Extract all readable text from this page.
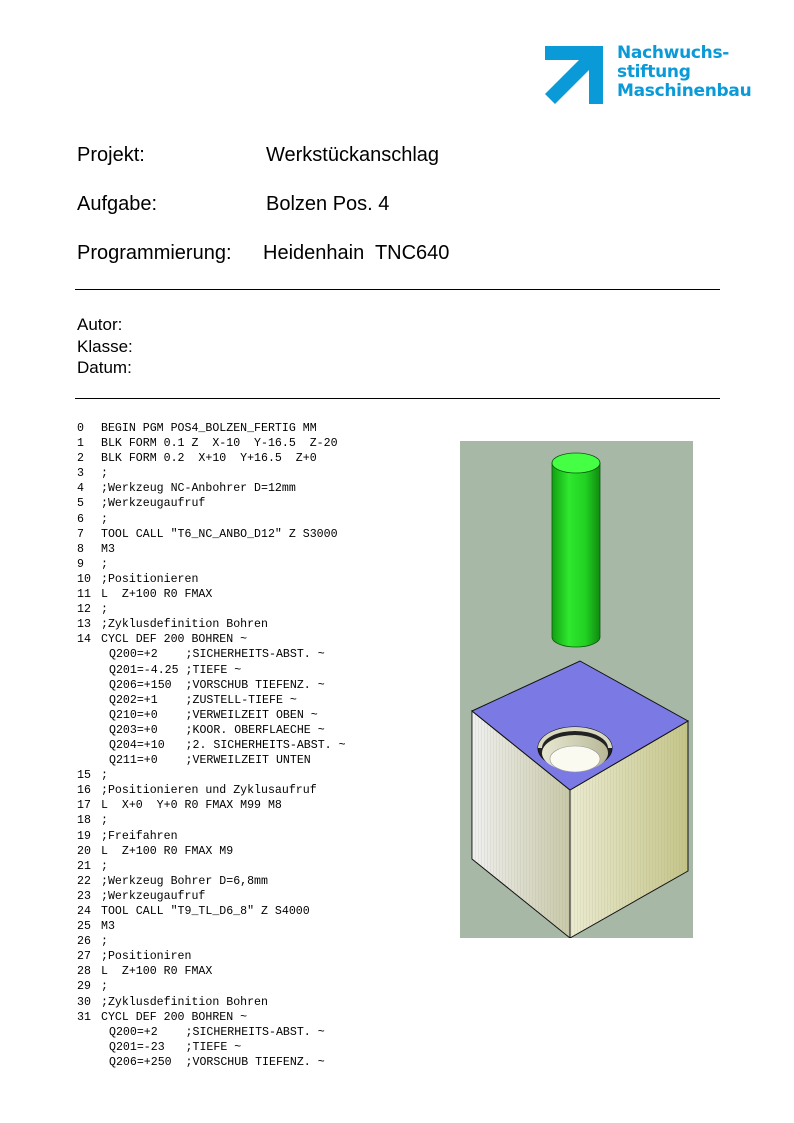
Nachwuchs-
stiftung
Maschinenbau
Projekt:	Werkstückanschlag
Aufgabe:	Bolzen Pos. 4
Programmierung: Heidenhain  TNC640
Autor:
Klasse:
Datum:
0	BEGIN PGM POS4_BOLZEN_FERTIG MM
1	BLK FORM 0.1 Z  X-10  Y-16.5  Z-20
2	BLK FORM 0.2  X+10  Y+16.5  Z+0
3	;
4	;Werkzeug NC-Anbohrer D=12mm
5	;Werkzeugaufruf
6	;
7	TOOL CALL "T6_NC_ANBO_D12" Z S3000
8	M3
9	;
10 ;Positionieren
11 L  Z+100 R0 FMAX
12 ;
13 ;Zyklusdefinition Bohren
14 CYCL DEF 200 BOHREN ~
Q200=+2    ;SICHERHEITS-ABST. ~
Q201=-4.25 ;TIEFE ~
Q206=+150  ;VORSCHUB TIEFENZ. ~
Q202=+1    ;ZUSTELL-TIEFE ~
Q210=+0    ;VERWEILZEIT OBEN ~
Q203=+0    ;KOOR. OBERFLAECHE ~
Q204=+10   ;2. SICHERHEITS-ABST. ~
Q211=+0    ;VERWEILZEIT UNTEN
15 ;
16 ;Positionieren und Zyklusaufruf
17 L  X+0  Y+0 R0 FMAX M99 M8
18 ;
19 ;Freifahren
20 L  Z+100 R0 FMAX M9
21 ;
22 ;Werkzeug Bohrer D=6,8mm
23 ;Werkzeugaufruf
24 TOOL CALL "T9_TL_D6_8" Z S4000
25 M3
26 ;
27 ;Positioniren
28 L  Z+100 R0 FMAX
29 ;
30 ;Zyklusdefinition Bohren
31 CYCL DEF 200 BOHREN ~
Q200=+2    ;SICHERHEITS-ABST. ~
Q201=-23   ;TIEFE ~
Q206=+250  ;VORSCHUB TIEFENZ. ~
